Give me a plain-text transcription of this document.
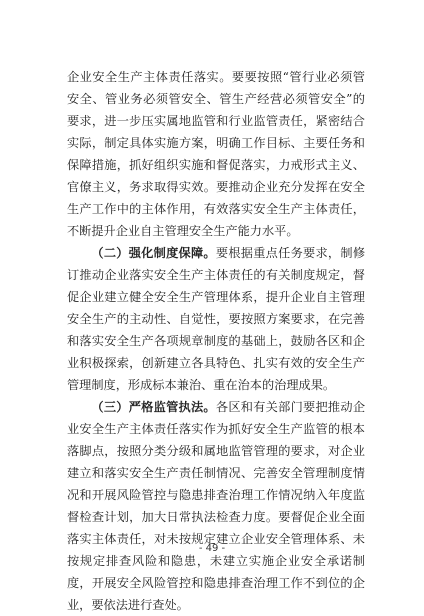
企业安全生产主体责任落实。要要按照“管行业必须管安全、管业务必须管安全、管生产经营必须管安全”的要求，进一步压实属地监管和行业监管责任，紧密结合实际，制定具体实施方案，明确工作目标、主要任务和保障措施，抓好组织实施和督促落实，力戒形式主义、官僚主义，务求取得实效。要推动企业充分发挥在安全生产工作中的主体作用，有效落实安全生产主体责任，不断提升企业自主管理安全生产能力水平。

（二）强化制度保障。要根据重点任务要求，制修订推动企业落实安全生产主体责任的有关制度规定，督促企业建立健全安全生产管理体系，提升企业自主管理安全生产的主动性、自觉性，要按照方案要求，在完善和落实安全生产各项规章制度的基础上，鼓励各区和企业积极探索，创新建立各具特色、扎实有效的安全生产管理制度，形成标本兼治、重在治本的治理成果。

（三）严格监管执法。各区和有关部门要把推动企业安全生产主体责任落实作为抓好安全生产监管的根本落脚点，按照分类分级和属地监管管理的要求，对企业建立和落实安全生产责任制情况、完善安全管理制度情况和开展风险管控与隐患排查治理工作情况纳入年度监督检查计划，加大日常执法检查力度。要督促企业全面落实主体责任，对未按规定建立企业安全管理体系、未按规定排查风险和隐患，未建立实施企业安全承诺制度，开展安全风险管控和隐患排查治理工作不到位的企业，要依法进行查处。

- 49 -
